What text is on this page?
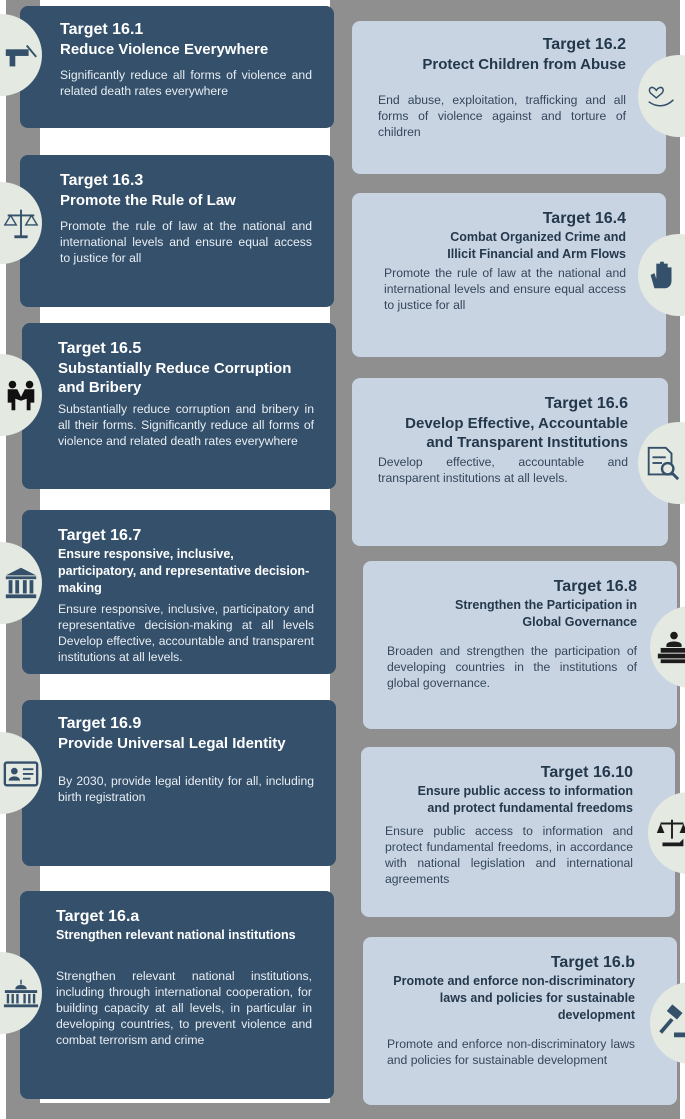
Target 16.1
Reduce Violence Everywhere
Significantly reduce all forms of violence and related death rates everywhere
Target 16.2
Protect Children from Abuse
End abuse, exploitation, trafficking and all forms of violence against and torture of children
Target 16.3
Promote the Rule of Law
Promote the rule of law at the national and international levels and ensure equal access to justice for all
Target 16.4
Combat Organized Crime and Illicit Financial and Arm Flows
Promote the rule of law at the national and international levels and ensure equal access to justice for all
Target 16.5
Substantially Reduce Corruption and Bribery
Substantially reduce corruption and bribery in all their forms. Significantly reduce all forms of violence and related death rates everywhere
Target 16.6
Develop Effective, Accountable and Transparent Institutions
Develop effective, accountable and transparent institutions at all levels.
Target 16.7
Ensure responsive, inclusive, participatory, and representative decision-making
Ensure responsive, inclusive, participatory and representative decision-making at all levels Develop effective, accountable and transparent institutions at all levels.
Target 16.8
Strengthen the Participation in Global Governance
Broaden and strengthen the participation of developing countries in the institutions of global governance.
Target 16.9
Provide Universal Legal Identity
By 2030, provide legal identity for all, including birth registration
Target 16.10
Ensure public access to information and protect fundamental freedoms
Ensure public access to information and protect fundamental freedoms, in accordance with national legislation and international agreements
Target 16.a
Strengthen relevant national institutions
Strengthen relevant national institutions, including through international cooperation, for building capacity at all levels, in particular in developing countries, to prevent violence and combat terrorism and crime
Target 16.b
Promote and enforce non-discriminatory laws and policies for sustainable development
Promote and enforce non-discriminatory laws and policies for sustainable development
